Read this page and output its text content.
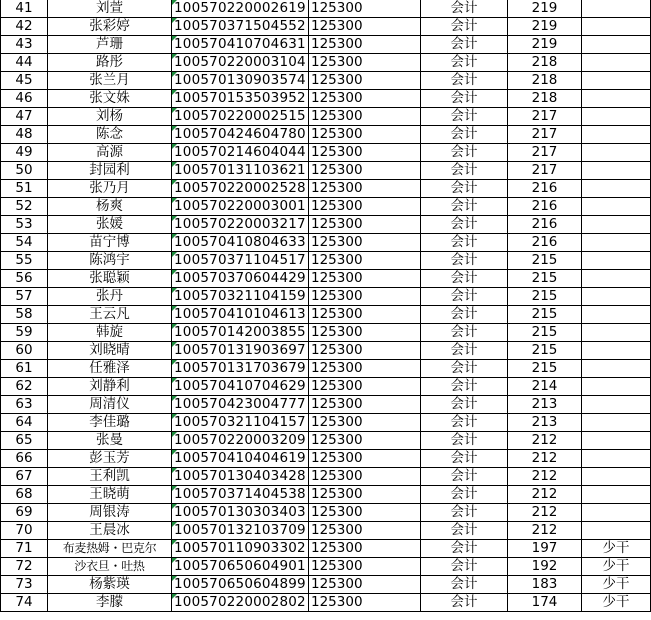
41	刘萱	100570220002619	125300	会计	219	
42	张彩婷	100570371504552	125300	会计	219	
43	芦珊	100570410704631	125300	会计	219	
44	路彤	100570220003104	125300	会计	218	
45	张兰月	100570130903574	125300	会计	218	
46	张文姝	100570153503952	125300	会计	218	
47	刘杨	100570220002515	125300	会计	217	
48	陈念	100570424604780	125300	会计	217	
49	高源	100570214604044	125300	会计	217	
50	封园利	100570131103621	125300	会计	217	
51	张乃月	100570220002528	125300	会计	216	
52	杨爽	100570220003001	125300	会计	216	
53	张媛	100570220003217	125300	会计	216	
54	苗宁博	100570410804633	125300	会计	216	
55	陈鸿宇	100570371104517	125300	会计	215	
56	张聪颖	100570370604429	125300	会计	215	
57	张丹	100570321104159	125300	会计	215	
58	王云凡	100570410104613	125300	会计	215	
59	韩旋	100570142003855	125300	会计	215	
60	刘晓晴	100570131903697	125300	会计	215	
61	任雅泽	100570131703679	125300	会计	215	
62	刘静利	100570410704629	125300	会计	214	
63	周清仪	100570423004777	125300	会计	213	
64	李佳璐	100570321104157	125300	会计	213	
65	张曼	100570220003209	125300	会计	212	
66	彭玉芳	100570410404619	125300	会计	212	
67	王利凯	100570130403428	125300	会计	212	
68	王晓萌	100570371404538	125300	会计	212	
69	周银涛	100570130303403	125300	会计	212	
70	王晨冰	100570132103709	125300	会计	212	
71	布麦热姆・巴克尔	100570110903302	125300	会计	197	少干
72	沙衣旦・吐热	100570650604901	125300	会计	192	少干
73	杨紫瑛	100570650604899	125300	会计	183	少干
74	李朦	100570220002802	125300	会计	174	少干
